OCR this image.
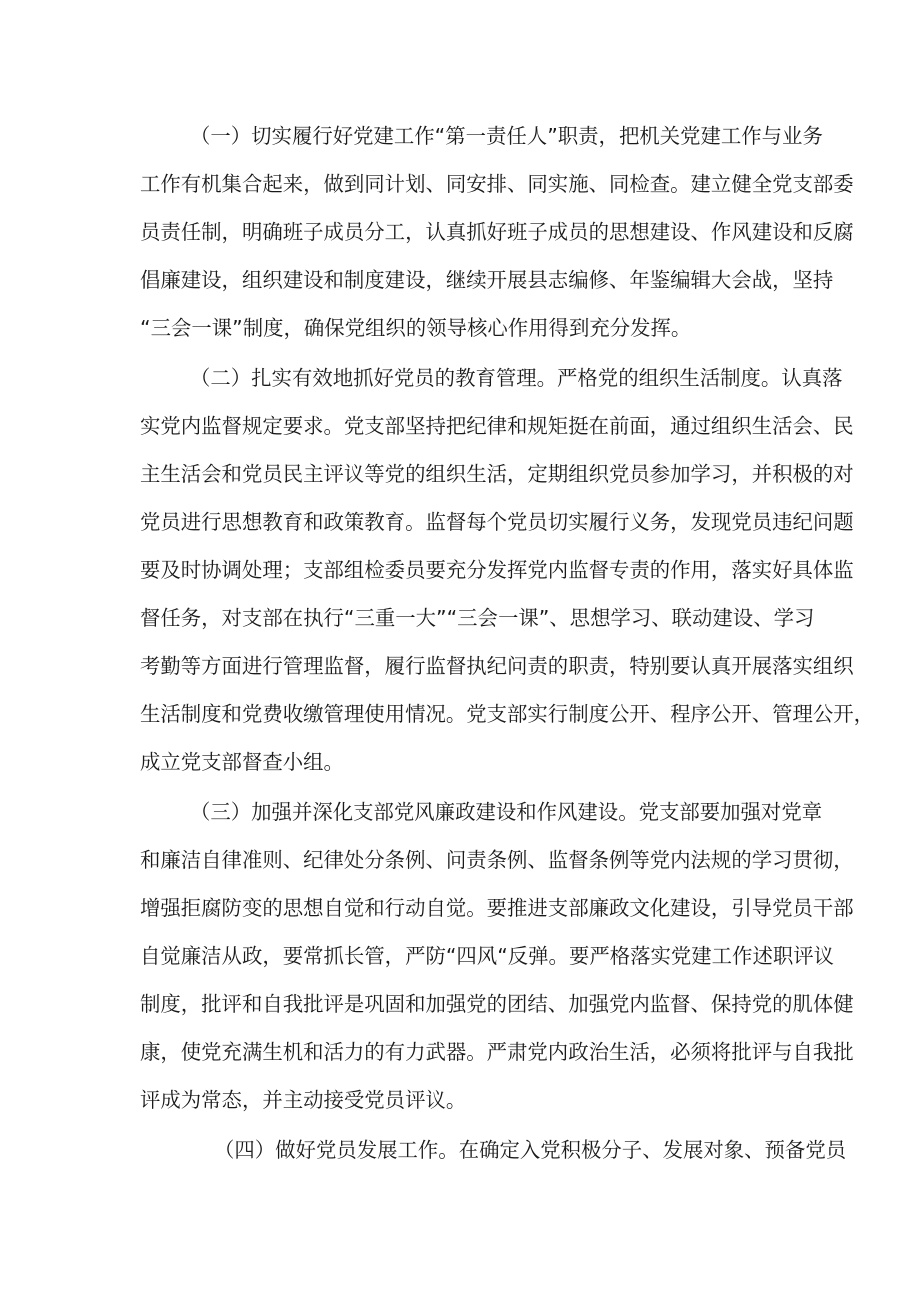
（一）切实履行好党建工作“第一责任人”职责，把机关党建工作与业务
工作有机集合起来，做到同计划、同安排、同实施、同检查。建立健全党支部委
员责任制，明确班子成员分工，认真抓好班子成员的思想建设、作风建设和反腐
倡廉建设，组织建设和制度建设，继续开展县志编修、年鉴编辑大会战，坚持
“三会一课”制度，确保党组织的领导核心作用得到充分发挥。
（二）扎实有效地抓好党员的教育管理。严格党的组织生活制度。认真落
实党内监督规定要求。党支部坚持把纪律和规矩挺在前面，通过组织生活会、民
主生活会和党员民主评议等党的组织生活，定期组织党员参加学习，并积极的对
党员进行思想教育和政策教育。监督每个党员切实履行义务，发现党员违纪问题
要及时协调处理；支部组检委员要充分发挥党内监督专责的作用，落实好具体监
督任务，对支部在执行“三重一大”“三会一课”、思想学习、联动建设、学习
考勤等方面进行管理监督，履行监督执纪问责的职责，特别要认真开展落实组织
生活制度和党费收缴管理使用情况。党支部实行制度公开、程序公开、管理公开，
成立党支部督查小组。
（三）加强并深化支部党风廉政建设和作风建设。党支部要加强对党章
和廉洁自律准则、纪律处分条例、问责条例、监督条例等党内法规的学习贯彻，
增强拒腐防变的思想自觉和行动自觉。要推进支部廉政文化建设，引导党员干部
自觉廉洁从政，要常抓长管，严防“四风“反弹。要严格落实党建工作述职评议
制度，批评和自我批评是巩固和加强党的团结、加强党内监督、保持党的肌体健
康，使党充满生机和活力的有力武器。严肃党内政治生活，必须将批评与自我批
评成为常态，并主动接受党员评议。
（四）做好党员发展工作。在确定入党积极分子、发展对象、预备党员
